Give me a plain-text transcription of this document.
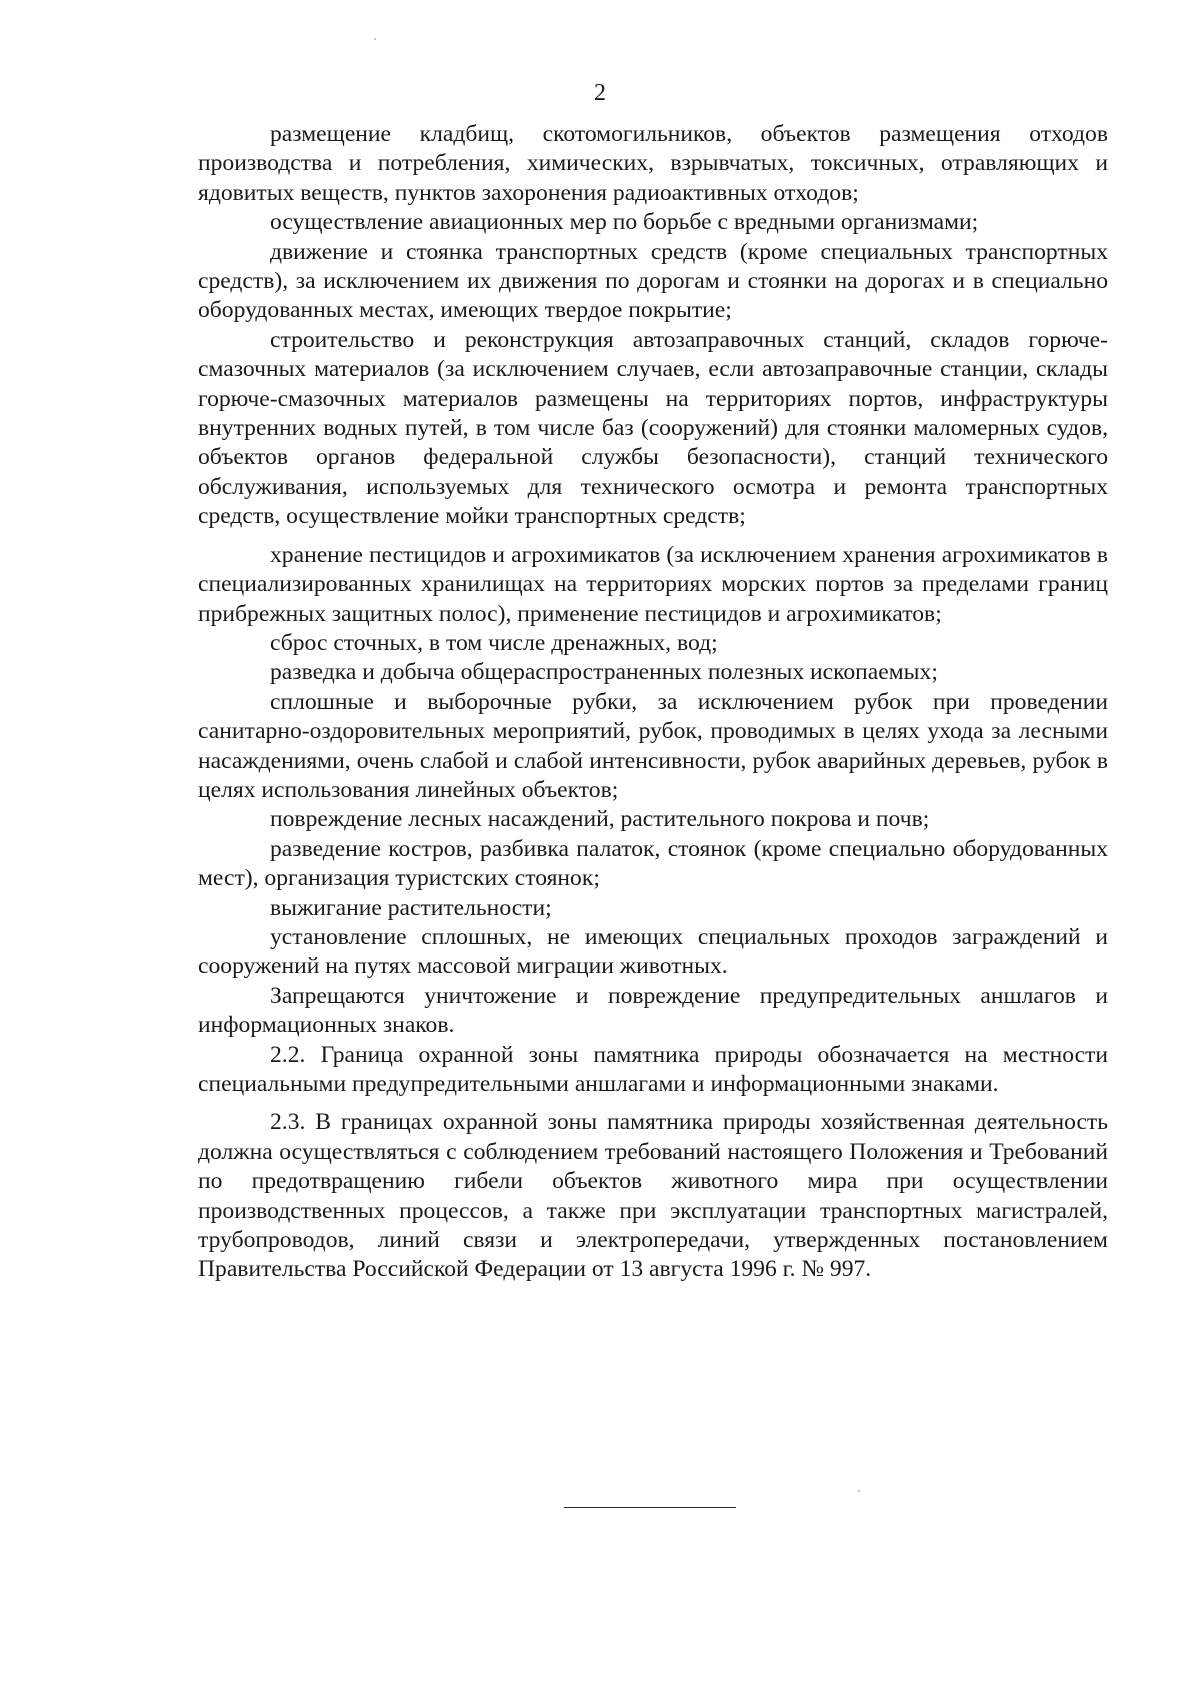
2

размещение кладбищ, скотомогильников, объектов размещения отходов производства и потребления, химических, взрывчатых, токсичных, отравляющих и ядовитых веществ, пунктов захоронения радиоактивных отходов;

осуществление авиационных мер по борьбе с вредными организмами;

движение и стоянка транспортных средств (кроме специальных транспортных средств), за исключением их движения по дорогам и стоянки на дорогах и в специально оборудованных местах, имеющих твердое покрытие;

строительство и реконструкция автозаправочных станций, складов горюче-смазочных материалов (за исключением случаев, если автозаправочные станции, склады горюче-смазочных материалов размещены на территориях портов, инфраструктуры внутренних водных путей, в том числе баз (сооружений) для стоянки маломерных судов, объектов органов федеральной службы безопасности), станций технического обслуживания, используемых для технического осмотра и ремонта транспортных средств, осуществление мойки транспортных средств;

хранение пестицидов и агрохимикатов (за исключением хранения агрохимикатов в специализированных хранилищах на территориях морских портов за пределами границ прибрежных защитных полос), применение пестицидов и агрохимикатов;

сброс сточных, в том числе дренажных, вод;

разведка и добыча общераспространенных полезных ископаемых;

сплошные и выборочные рубки, за исключением рубок при проведении санитарно-оздоровительных мероприятий, рубок, проводимых в целях ухода за лесными насаждениями, очень слабой и слабой интенсивности, рубок аварийных деревьев, рубок в целях использования линейных объектов;

повреждение лесных насаждений, растительного покрова и почв;

разведение костров, разбивка палаток, стоянок (кроме специально оборудованных мест), организация туристских стоянок;

выжигание растительности;

установление сплошных, не имеющих специальных проходов заграждений и сооружений на путях массовой миграции животных.

Запрещаются уничтожение и повреждение предупредительных аншлагов и информационных знаков.

2.2. Граница охранной зоны памятника природы обозначается на местности специальными предупредительными аншлагами и информационными знаками.

2.3. В границах охранной зоны памятника природы хозяйственная деятельность должна осуществляться с соблюдением требований настоящего Положения и Требований по предотвращению гибели объектов животного мира при осуществлении производственных процессов, а также при эксплуатации транспортных магистралей, трубопроводов, линий связи и электропередачи, утвержденных постановлением Правительства Российской Федерации от 13 августа 1996 г. № 997.
